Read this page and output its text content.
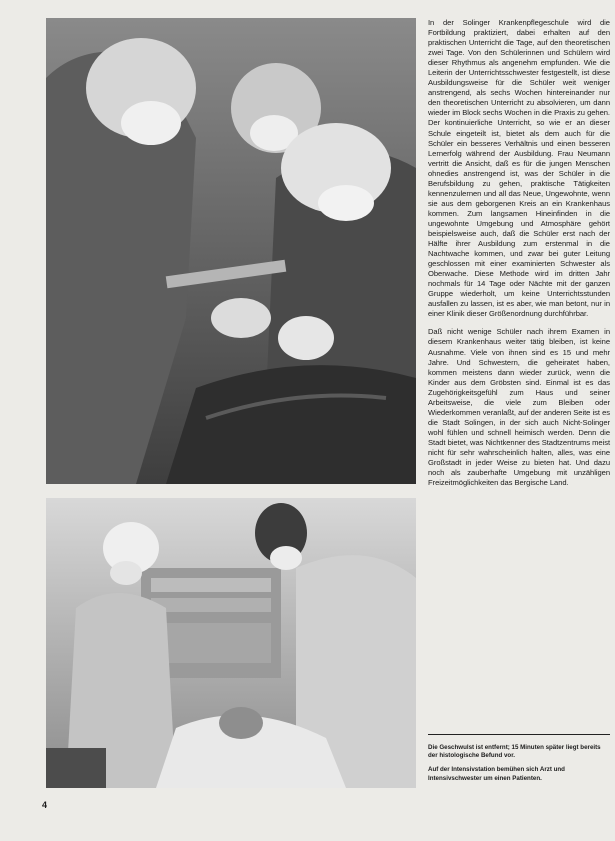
In der Solinger Krankenpflegeschule wird die Fortbildung praktiziert, dabei erhalten auf den praktischen Unterricht die Tage, auf den theoretischen zwei Tage. Von den Schülerinnen und Schülern wird dieser Rhythmus als angenehm empfunden. Wie die Leiterin der Unterrichtsschwester festgestellt, ist diese Ausbildungsweise für die Schüler weit weniger anstrengend, als sechs Wochen hintereinander nur den theoretischen Unterricht zu absolvieren, um dann wieder im Block sechs Wochen in die Praxis zu gehen. Der kontinuierliche Unterricht, so wie er an dieser Schule eingeteilt ist, bietet als dem auch für die Schüler ein besseres Verhältnis und einen besseren Lernerfolg während der Ausbildung. Frau Neumann vertritt die Ansicht, daß es für die jungen Menschen ohnedies anstrengend ist, was der Schüler in die Berufsbildung zu gehen, praktische Tätigkeiten kennenzulernen und all das Neue, Ungewohnte, wenn sie aus dem geborgenen Kreis an ein Krankenhaus kommen. Zum langsamen Hineinfinden in die ungewohnte Umgebung und Atmosphäre gehört beispielsweise auch, daß die Schüler erst nach der Hälfte ihrer Ausbildung zum erstenmal in die Nachtwache kommen, und zwar bei guter Leitung geschlossen mit einer examinierten Schwester als Oberwache. Diese Methode wird im dritten Jahr nochmals für 14 Tage oder Nächte mit der ganzen Gruppe wiederholt, um keine Unterrichtsstunden ausfallen zu lassen, ist es aber, wie man betont, nur in einer Klinik dieser Größenordnung durchführbar.

Daß nicht wenige Schüler nach ihrem Examen in diesem Krankenhaus weiter tätig bleiben, ist keine Ausnahme. Viele von ihnen sind es 15 und mehr Jahre. Und Schwestern, die geheiratet haben, kommen meistens dann wieder zurück, wenn die Kinder aus dem Gröbsten sind. Einmal ist es das Zugehörigkeitsgefühl zum Haus und seiner Arbeitsweise, die viele zum Bleiben oder Wiederkommen veranlaßt, auf der anderen Seite ist es die Stadt Solingen, in der sich auch Nicht-Solinger wohl fühlen und schnell heimisch werden. Denn die Stadt bietet, was Nichtkenner des Stadtzentrums meist nicht für sehr wahrscheinlich halten, alles, was eine Großstadt in jeder Weise zu bieten hat. Und dazu noch als zauberhafte Umgebung mit unzähligen Freizeitmöglichkeiten das Bergische Land.

Die Geschwulst ist entfernt; 15 Minuten später liegt bereits der histologische Befund vor.

Auf der Intensivstation bemühen sich Arzt und Intensivschwester um einen Patienten.

4
